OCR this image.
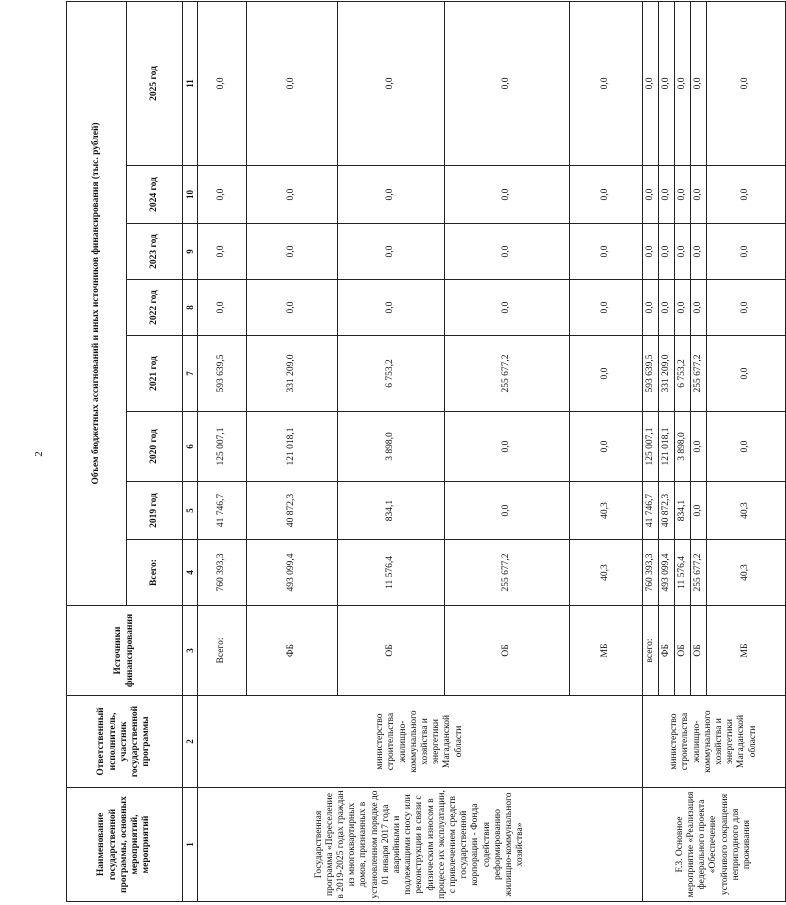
2
Наименование государственной программы, основных мероприятий, мероприятий	Ответственный исполнитель, участник государственной программы	Источники финансирования	Объем бюджетных ассигнований и иных источников финансирования (тыс. рублей)							
			Всего:	2019 год	2020 год	2021 год	2022 год	2023 год	2024 год	2025 год
1	2	3	4	5	6	7	8	9	10	11
Государственная программа «Переселение в 2019-2025 годах граждан из многоквартирных домов, признанных в установленном порядке до 01 января 2017 года аварийными и подлежащими сносу или реконструкции в связи с физическим износом в процессе их эксплуатации, с привлечением средств государственной корпорации - Фонда содействия реформированию жилищно-коммунального хозяйства»	министерство строительства жилищно-коммунального хозяйства и энергетики Магаданской области	Всего:	760 393,3	41 746,7	125 007,1	593 639,5	0,0	0,0	0,0	0,0
		ФБ	493 099,4	40 872,3	121 018,1	331 209,0	0,0	0,0	0,0	0,0
		ОБ	11 576,4	834,1	3 898,0	6 753,2	0,0	0,0	0,0	0,0
		ОБ	255 677,2	0,0	0,0	255 677,2	0,0	0,0	0,0	0,0
		МБ	40,3	40,3	0,0	0,0	0,0	0,0	0,0	0,0
F.3. Основное мероприятие «Реализация федерального проекта «Обеспечение устойчивого сокращения непригодного для проживания	министерство строительства жилищно-коммунального хозяйства и энергетики Магаданской области	всего:	760 393,3	41 746,7	125 007,1	593 639,5	0,0	0,0	0,0	0,0
		ФБ	493 099,4	40 872,3	121 018,1	331 209,0	0,0	0,0	0,0	0,0
		ОБ	11 576,4	834,1	3 898,0	6 753,2	0,0	0,0	0,0	0,0
		ОБ	255 677,2	0,0	0,0	255 677,2	0,0	0,0	0,0	0,0
		МБ	40,3	40,3	0,0	0,0	0,0	0,0	0,0	0,0
